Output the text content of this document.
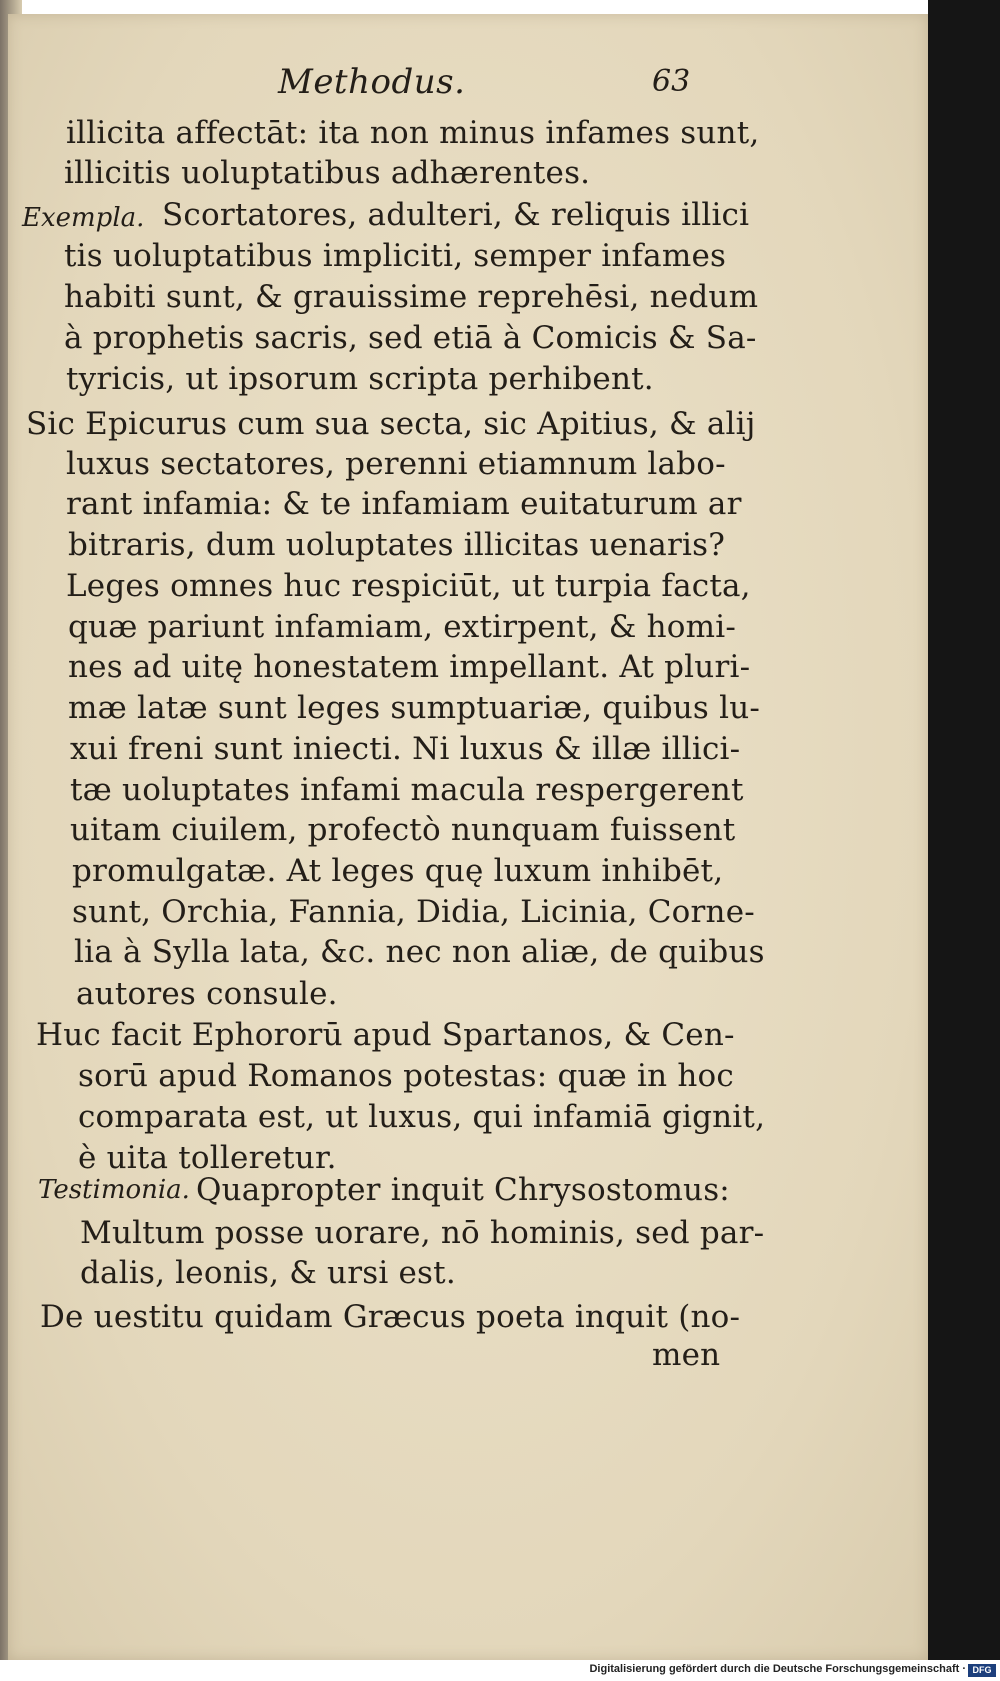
Methodus.	63
Exempla.
Testimonia.
illicita affectāt: ita non minus infames sunt,
illicitis uoluptatibus adhærentes.
Scortatores, adulteri, & reliquis illici
tis uoluptatibus impliciti, semper infames
habiti sunt, & grauissime reprehēsi, nedum
à prophetis sacris, sed etiā à Comicis & Sa-
tyricis, ut ipsorum scripta perhibent.
Sic Epicurus cum sua secta, sic Apitius, & alij
luxus sectatores, perenni etiamnum labo-
rant infamia: & te infamiam euitaturum ar
bitraris, dum uoluptates illicitas uenaris?
Leges omnes huc respiciūt, ut turpia facta,
quæ pariunt infamiam, extirpent, & homi-
nes ad uitę honestatem impellant. At pluri-
mæ latæ sunt leges sumptuariæ, quibus lu-
xui freni sunt iniecti. Ni luxus & illæ illici-
tæ uoluptates infami macula respergerent
uitam ciuilem, profectò nunquam fuissent
promulgatæ. At leges quę luxum inhibēt,
sunt, Orchia, Fannia, Didia, Licinia, Corne-
lia à Sylla lata, &c. nec non aliæ, de quibus
autores consule.
Huc facit Ephororū apud Spartanos, & Cen-
sorū apud Romanos potestas: quæ in hoc
comparata est, ut luxus, qui infamiā gignit,
è uita tolleretur.
Quapropter inquit Chrysostomus:
Multum posse uorare, nō hominis, sed par-
dalis, leonis, & ursi est.
De uestitu quidam Græcus poeta inquit (no-
men
Digitalisierung gefördert durch die Deutsche Forschungsgemeinschaft · DFG
